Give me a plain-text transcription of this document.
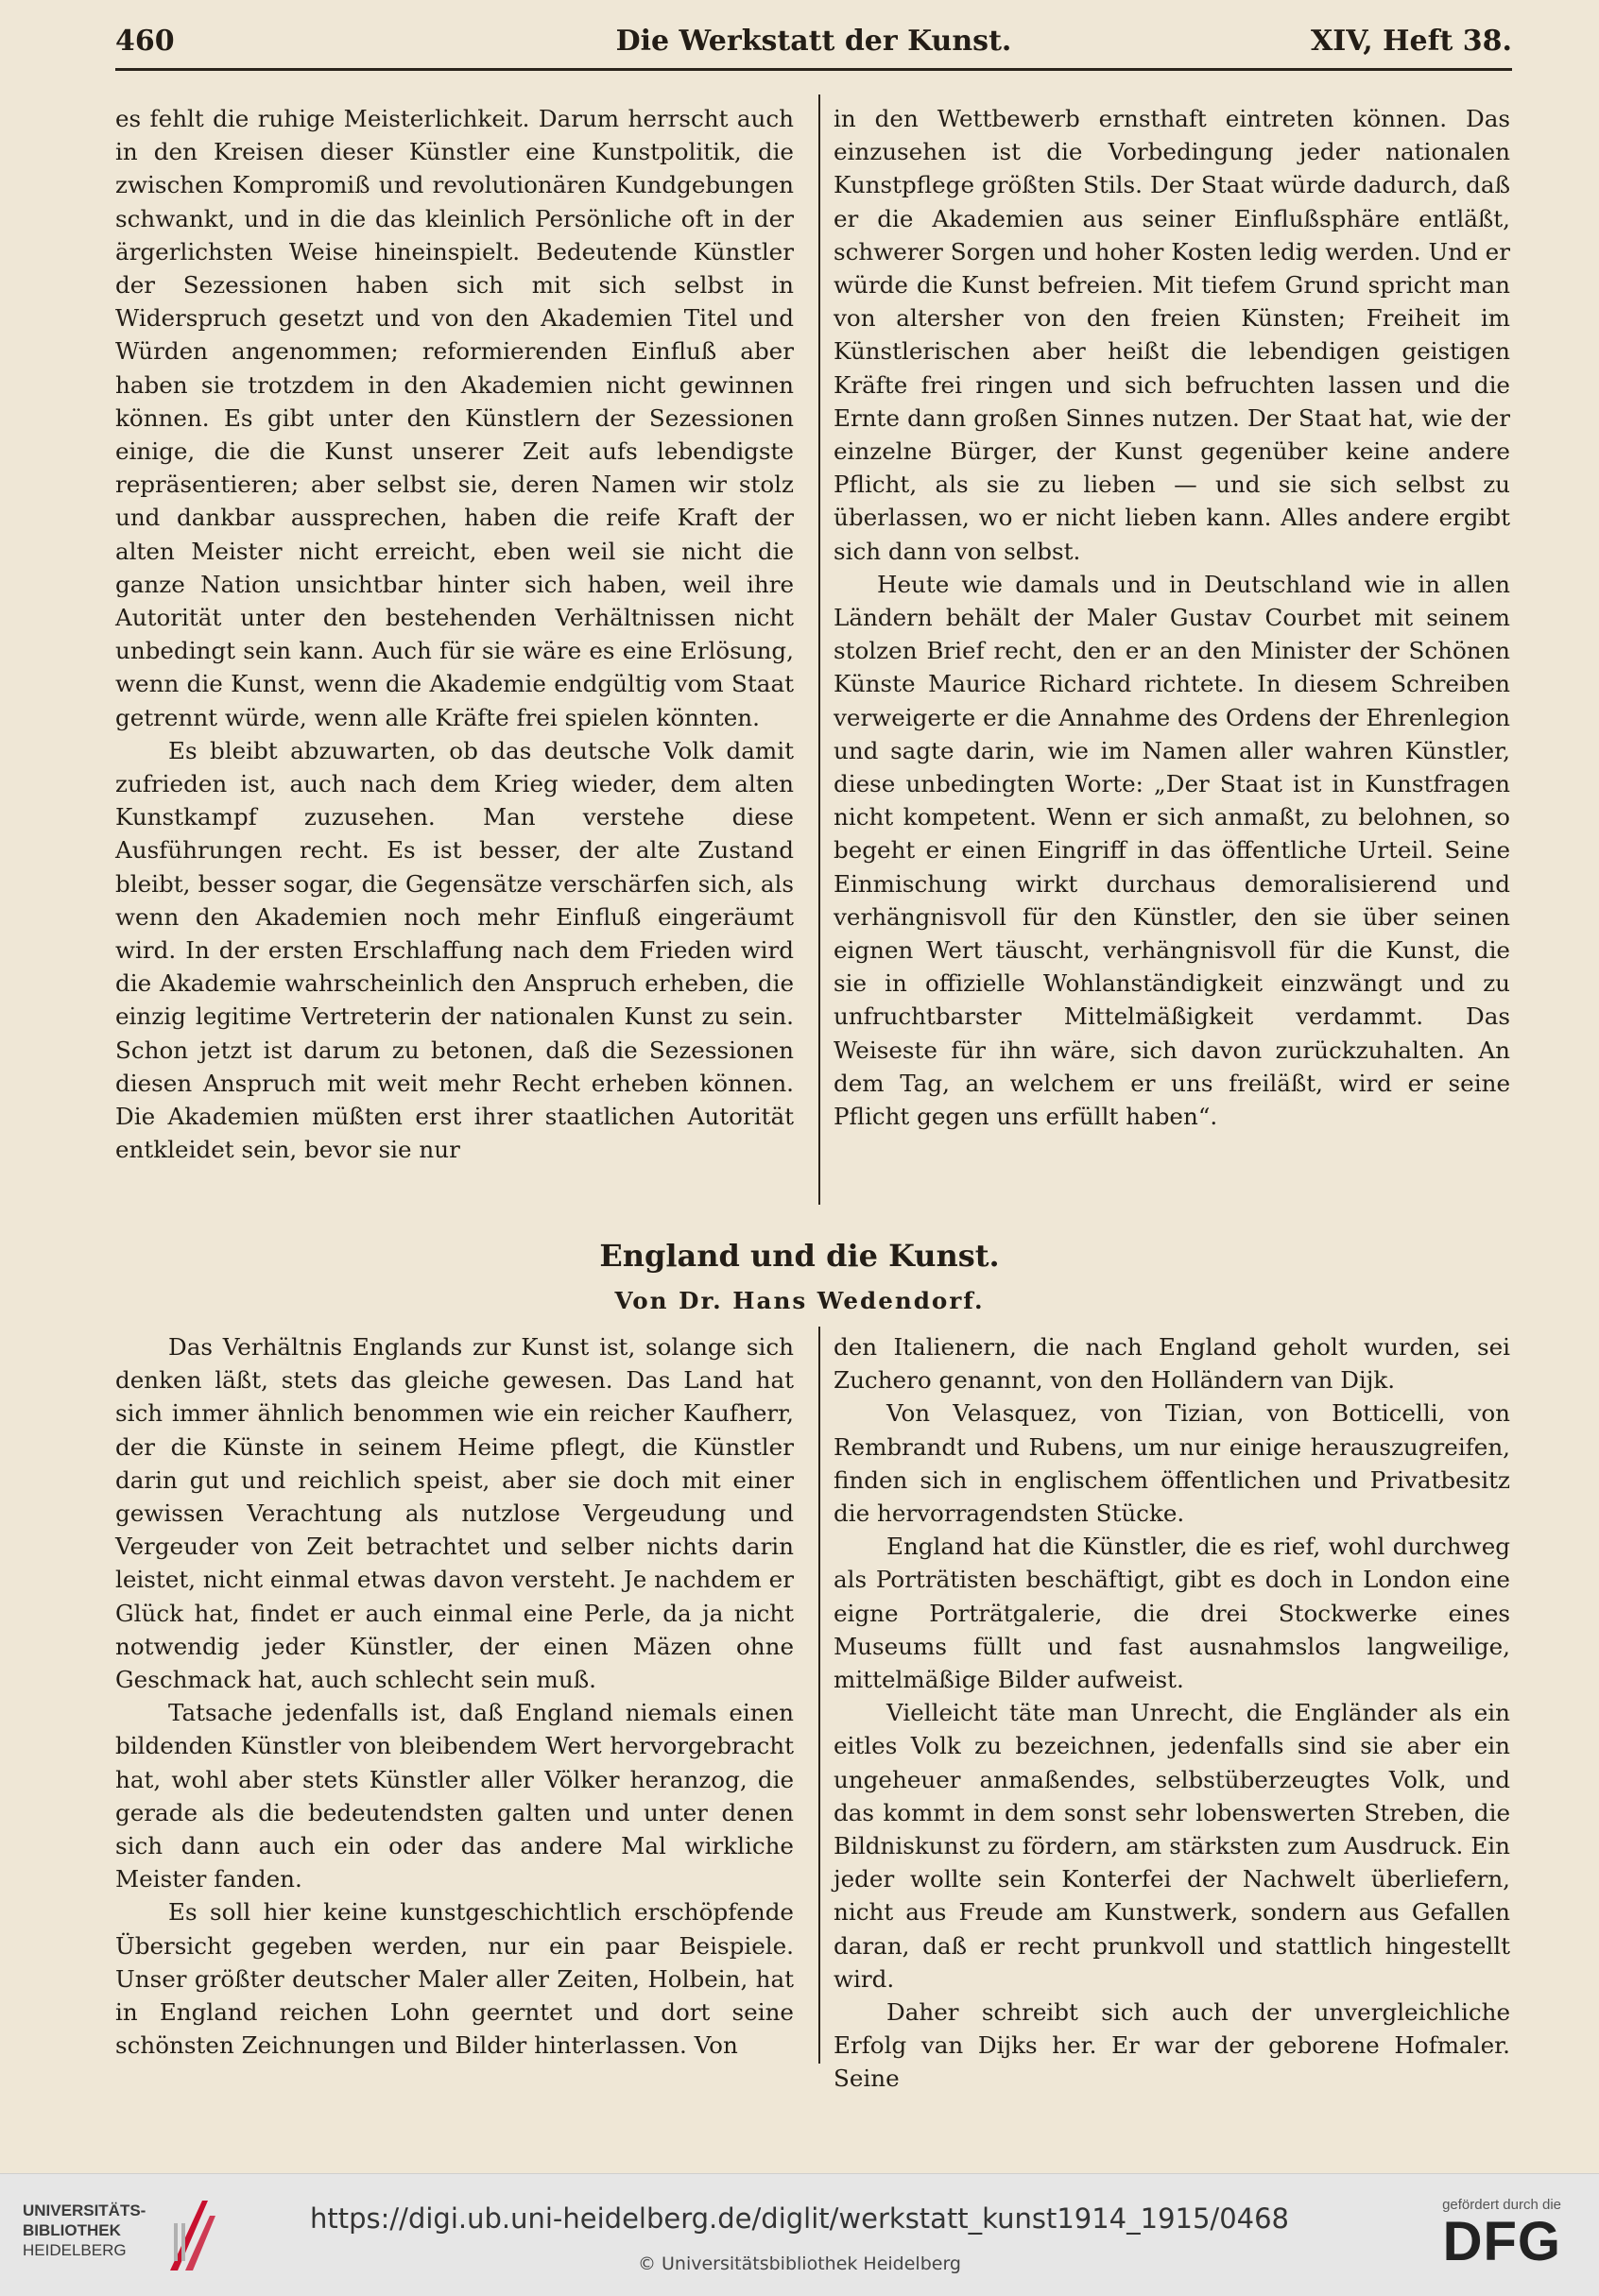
460	Die Werkstatt der Kunst.	XIV, Heft 38.

es fehlt die ruhige Meisterlichkeit. Darum herrscht auch in den Kreisen dieser Künstler eine Kunstpolitik, die zwischen Kompromiß und revolutionären Kundgebungen schwankt, und in die das kleinlich Persönliche oft in der ärgerlichsten Weise hineinspielt. Bedeutende Künstler der Sezessionen haben sich mit sich selbst in Widerspruch gesetzt und von den Akademien Titel und Würden angenommen; reformierenden Einfluß aber haben sie trotzdem in den Akademien nicht gewinnen können. Es gibt unter den Künstlern der Sezessionen einige, die die Kunst unserer Zeit aufs lebendigste repräsentieren; aber selbst sie, deren Namen wir stolz und dankbar aussprechen, haben die reife Kraft der alten Meister nicht erreicht, eben weil sie nicht die ganze Nation unsichtbar hinter sich haben, weil ihre Autorität unter den bestehenden Verhältnissen nicht unbedingt sein kann. Auch für sie wäre es eine Erlösung, wenn die Kunst, wenn die Akademie endgültig vom Staat getrennt würde, wenn alle Kräfte frei spielen könnten.

Es bleibt abzuwarten, ob das deutsche Volk damit zufrieden ist, auch nach dem Krieg wieder, dem alten Kunstkampf zuzusehen. Man verstehe diese Ausführungen recht. Es ist besser, der alte Zustand bleibt, besser sogar, die Gegensätze verschärfen sich, als wenn den Akademien noch mehr Einfluß eingeräumt wird. In der ersten Erschlaffung nach dem Frieden wird die Akademie wahrscheinlich den Anspruch erheben, die einzig legitime Vertreterin der nationalen Kunst zu sein. Schon jetzt ist darum zu betonen, daß die Sezessionen diesen Anspruch mit weit mehr Recht erheben können. Die Akademien müßten erst ihrer staatlichen Autorität entkleidet sein, bevor sie nur

in den Wettbewerb ernsthaft eintreten können. Das einzusehen ist die Vorbedingung jeder nationalen Kunstpflege größten Stils. Der Staat würde dadurch, daß er die Akademien aus seiner Einflußsphäre entläßt, schwerer Sorgen und hoher Kosten ledig werden. Und er würde die Kunst befreien. Mit tiefem Grund spricht man von altersher von den freien Künsten; Freiheit im Künstlerischen aber heißt die lebendigen geistigen Kräfte frei ringen und sich befruchten lassen und die Ernte dann großen Sinnes nutzen. Der Staat hat, wie der einzelne Bürger, der Kunst gegenüber keine andere Pflicht, als sie zu lieben — und sie sich selbst zu überlassen, wo er nicht lieben kann. Alles andere ergibt sich dann von selbst.

Heute wie damals und in Deutschland wie in allen Ländern behält der Maler Gustav Courbet mit seinem stolzen Brief recht, den er an den Minister der Schönen Künste Maurice Richard richtete. In diesem Schreiben verweigerte er die Annahme des Ordens der Ehrenlegion und sagte darin, wie im Namen aller wahren Künstler, diese unbedingten Worte: „Der Staat ist in Kunstfragen nicht kompetent. Wenn er sich anmaßt, zu belohnen, so begeht er einen Eingriff in das öffentliche Urteil. Seine Einmischung wirkt durchaus demoralisierend und verhängnisvoll für den Künstler, den sie über seinen eignen Wert täuscht, verhängnisvoll für die Kunst, die sie in offizielle Wohlanständigkeit einzwängt und zu unfruchtbarster Mittelmäßigkeit verdammt. Das Weiseste für ihn wäre, sich davon zurückzuhalten. An dem Tag, an welchem er uns freiläßt, wird er seine Pflicht gegen uns erfüllt haben“.

England und die Kunst.
Von Dr. Hans Wedendorf.

Das Verhältnis Englands zur Kunst ist, solange sich denken läßt, stets das gleiche gewesen. Das Land hat sich immer ähnlich benommen wie ein reicher Kaufherr, der die Künste in seinem Heime pflegt, die Künstler darin gut und reichlich speist, aber sie doch mit einer gewissen Verachtung als nutzlose Vergeudung und Vergeuder von Zeit betrachtet und selber nichts darin leistet, nicht einmal etwas davon versteht. Je nachdem er Glück hat, findet er auch einmal eine Perle, da ja nicht notwendig jeder Künstler, der einen Mäzen ohne Geschmack hat, auch schlecht sein muß.

Tatsache jedenfalls ist, daß England niemals einen bildenden Künstler von bleibendem Wert hervorgebracht hat, wohl aber stets Künstler aller Völker heranzog, die gerade als die bedeutendsten galten und unter denen sich dann auch ein oder das andere Mal wirkliche Meister fanden.

Es soll hier keine kunstgeschichtlich erschöpfende Übersicht gegeben werden, nur ein paar Beispiele. Unser größter deutscher Maler aller Zeiten, Holbein, hat in England reichen Lohn geerntet und dort seine schönsten Zeichnungen und Bilder hinterlassen. Von

den Italienern, die nach England geholt wurden, sei Zuchero genannt, von den Holländern van Dijk.

Von Velasquez, von Tizian, von Botticelli, von Rembrandt und Rubens, um nur einige herauszugreifen, finden sich in englischem öffentlichen und Privatbesitz die hervorragendsten Stücke.

England hat die Künstler, die es rief, wohl durchweg als Porträtisten beschäftigt, gibt es doch in London eine eigne Porträtgalerie, die drei Stockwerke eines Museums füllt und fast ausnahmslos langweilige, mittelmäßige Bilder aufweist.

Vielleicht täte man Unrecht, die Engländer als ein eitles Volk zu bezeichnen, jedenfalls sind sie aber ein ungeheuer anmaßendes, selbstüberzeugtes Volk, und das kommt in dem sonst sehr lobenswerten Streben, die Bildniskunst zu fördern, am stärksten zum Ausdruck. Ein jeder wollte sein Konterfei der Nachwelt überliefern, nicht aus Freude am Kunstwerk, sondern aus Gefallen daran, daß er recht prunkvoll und stattlich hingestellt wird.

Daher schreibt sich auch der unvergleichliche Erfolg van Dijks her. Er war der geborene Hofmaler. Seine

UNIVERSITÄTS-
BIBLIOTHEK
HEIDELBERG
https://digi.ub.uni-heidelberg.de/diglit/werkstatt_kunst1914_1915/0468
© Universitätsbibliothek Heidelberg
gefördert durch die
DFG
